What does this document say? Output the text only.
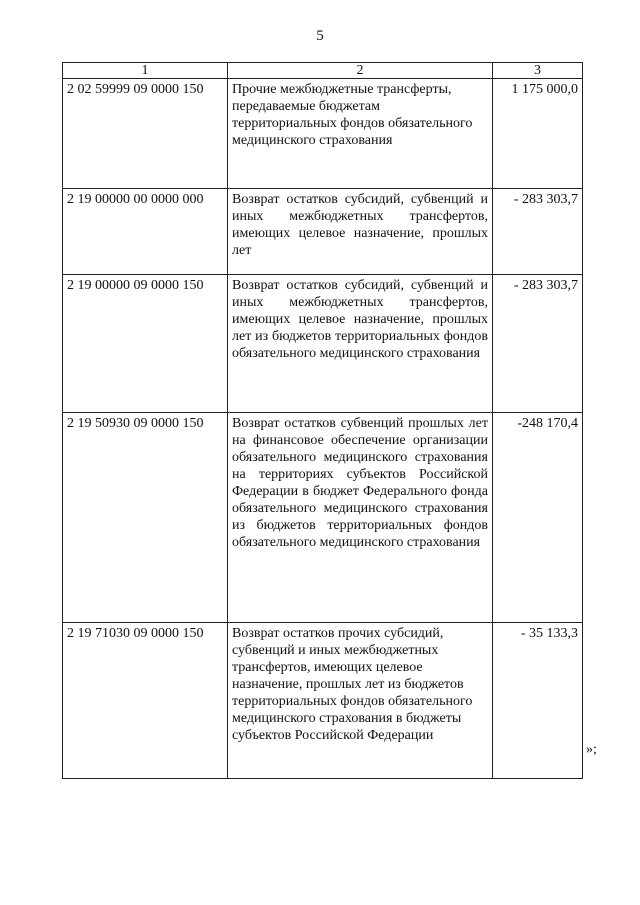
5
1	2	3
2 02 59999 09 0000 150	Прочие межбюджетные трансферты, передаваемые бюджетам территориальных фондов обязательного медицинского страхования	1 175 000,0
2 19 00000 00 0000 000	Возврат остатков субсидий, субвенций и иных межбюджетных трансфертов, имеющих целевое назначение, прошлых лет	- 283 303,7
2 19 00000 09 0000 150	Возврат остатков субсидий, субвенций и иных межбюджетных трансфертов, имеющих целевое назначение, прошлых лет из бюджетов территориальных фондов обязательного медицинского страхования	- 283 303,7
2 19 50930 09 0000 150	Возврат остатков субвенций прошлых лет на финансовое обеспечение организации обязательного медицинского страхования на территориях субъектов Российской Федерации в бюджет Федерального фонда обязательного медицинского страхования из бюджетов территориальных фондов обязательного медицинского страхования	-248 170,4
2 19 71030 09 0000 150	Возврат остатков прочих субсидий, субвенций и иных межбюджетных трансфертов, имеющих целевое назначение, прошлых лет из бюджетов территориальных фондов обязательного медицинского страхования в бюджеты субъектов Российской Федерации	- 35 133,3
»;
